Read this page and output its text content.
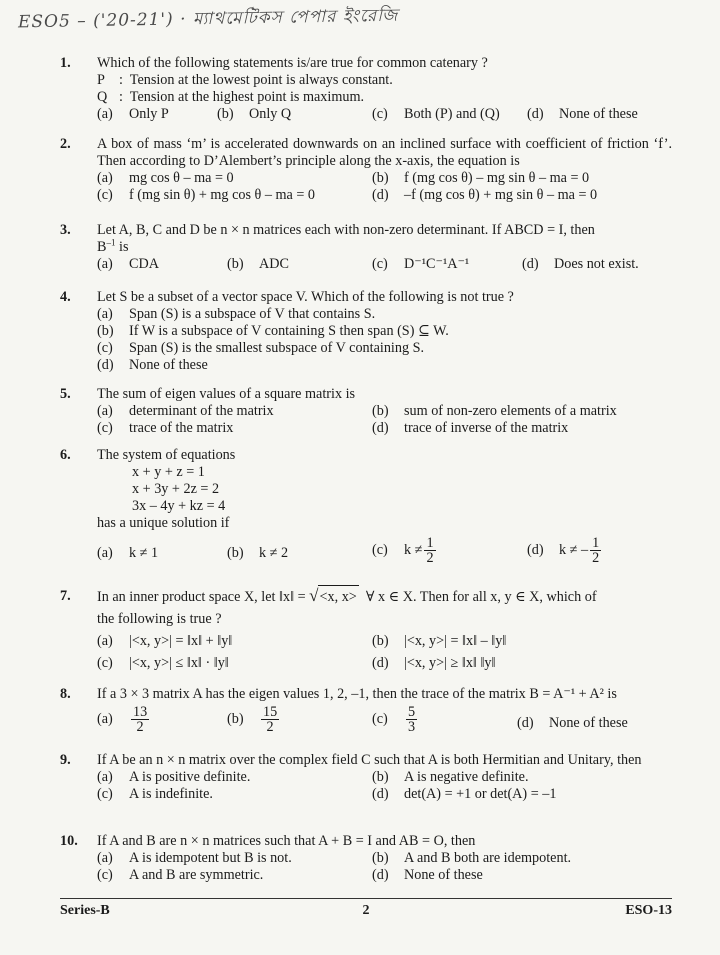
ESO5 – ('20-21') · ম্যাথমেটিকস পেপার ইংরেজি
1.	Which of the following statements is/are true for common catenary ?
P :  Tension at the lowest point is always constant.
Q :  Tension at the highest point is maximum.
(a) Only P	(b) Only Q	(c) Both (P) and (Q) (d) None of these
2.	A box of mass ‘m’ is accelerated downwards on an inclined surface with coefficient of friction ‘f’. Then according to D’Alembert’s principle along the x-axis, the equation is
(a) mg cos θ – ma = 0	(b) f (mg cos θ) – mg sin θ – ma = 0
(c) f (mg sin θ) + mg cos θ – ma = 0	(d) –f (mg cos θ) + mg sin θ – ma = 0
3.	Let A, B, C and D be n × n matrices each with non-zero determinant. If ABCD = I, then
$B^{-1}$ is
(a) CDA	(b) ADC	(c) D⁻¹C⁻¹A⁻¹	(d) Does not exist.
4.	Let S be a subset of a vector space V. Which of the following is not true ?
(a) Span (S) is a subspace of V that contains S.
(b) If W is a subspace of V containing S then span (S) ⊆ W.
(c) Span (S) is the smallest subspace of V containing S.
(d) None of these
5.	The sum of eigen values of a square matrix is
(a) determinant of the matrix	(b) sum of non-zero elements of a matrix
(c) trace of the matrix	(d) trace of inverse of the matrix
6.	The system of equations
x + y + z = 1
x + 3y + 2z = 2
3x – 4y + kz = 4
has a unique solution if
(a) k ≠ 1	(b) k ≠ 2	(c) $k \ne \frac{1}{2}$	(d) k ≠ – $\frac{1}{2}$
7.	In an inner product space X, let ‖x‖ = √<x, x> ∀ x ∈ X. Then for all x, y ∈ X, which of
the following is true ?
(a) |<x, y>| = ‖x‖ + ‖y‖	(b) |<x, y>| = ‖x‖ – ‖y‖
(c) |<x, y>| ≤ ‖x‖ · ‖y‖	(d) |<x, y>| ≥ ‖x‖ ‖y‖
8.	If a 3 × 3 matrix A has the eigen values 1, 2, –1, then the trace of the matrix B = A⁻¹ + A² is
$(a) \frac{13}{2}$	$(b) \frac{15}{2}$	$(c) \frac{5}{3}$	(d) None of these
9.	If A be an n × n matrix over the complex field C such that A is both Hermitian and Unitary, then
(a) A is positive definite.	(b) A is negative definite.
(c) A is indefinite.	(d) det(A) = +1 or det(A) = –1
10.	If A and B are n × n matrices such that A + B = I and AB = O, then
(a) A is idempotent but B is not.	(b) A and B both are idempotent.
(c) A and B are symmetric.	(d) None of these
Series-B	2	ESO-13
